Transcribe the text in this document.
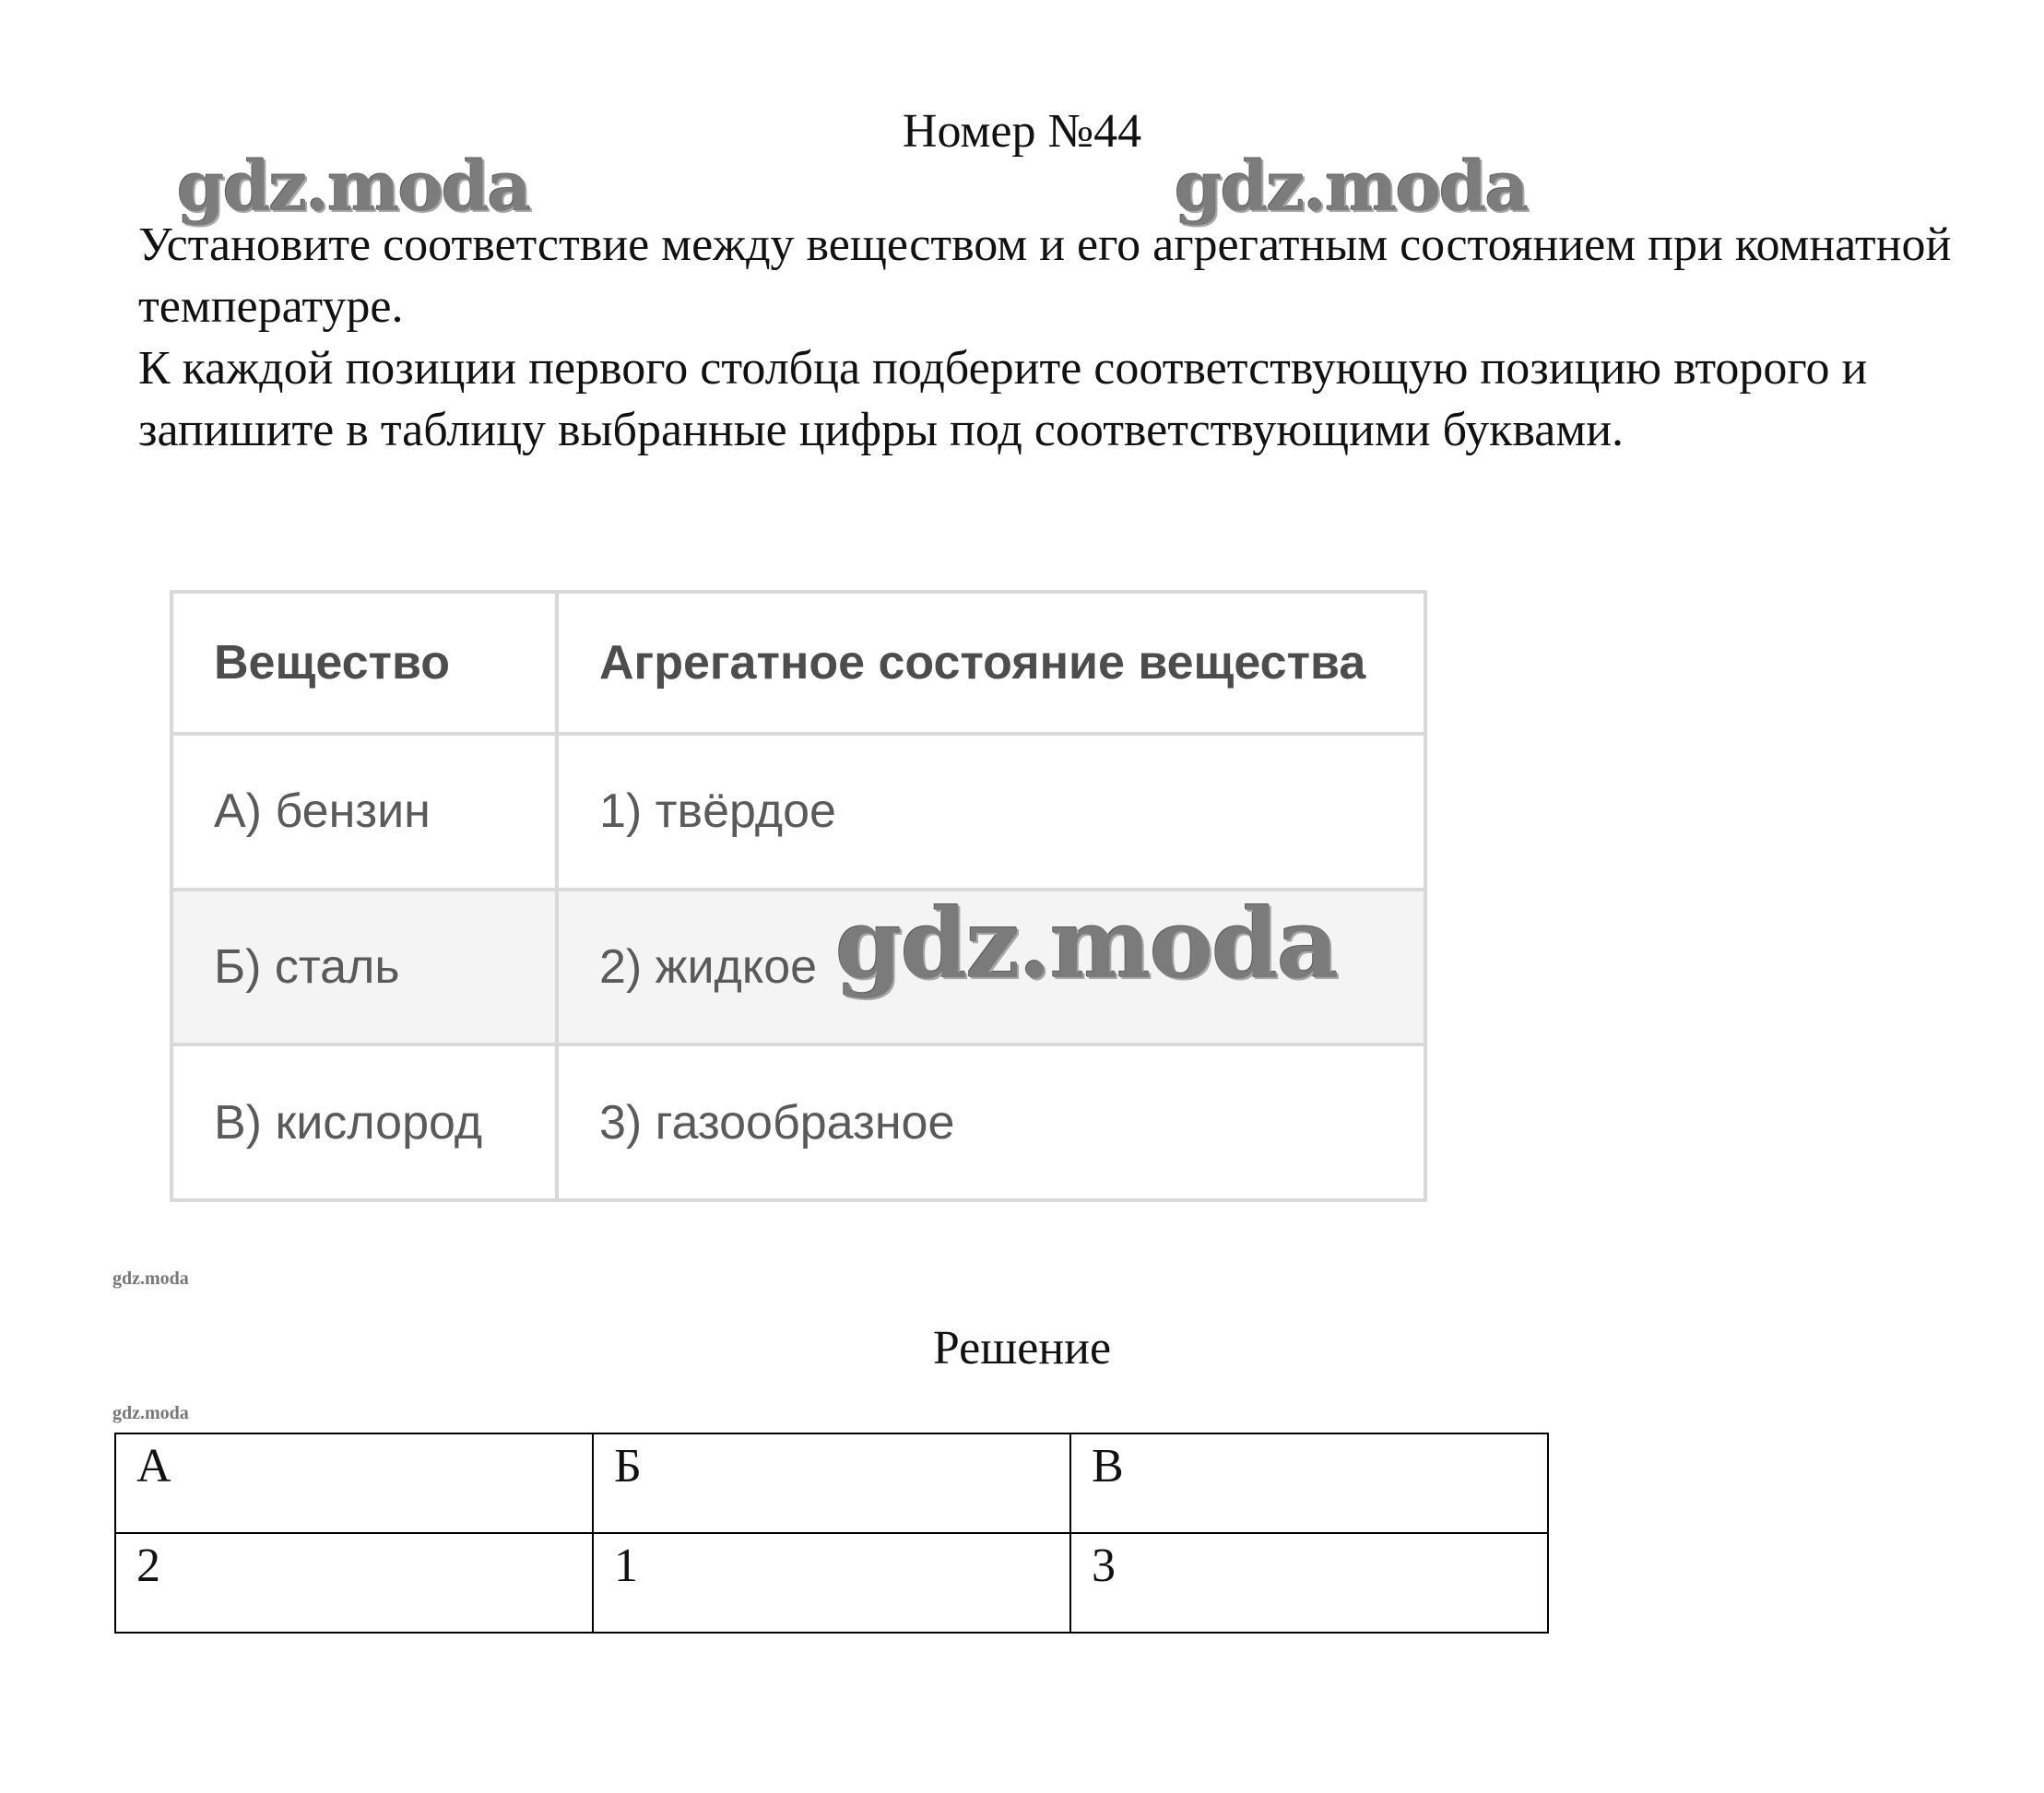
Номер №44
gdz.moda	gdz.moda

Установите соответствие между веществом и его агрегатным состоянием при комнатной температуре.

К каждой позиции первого столбца подберите соответствующую позицию второго и запишите в таблицу выбранные цифры под соответствующими буквами.

Вещество	Агрегатное состояние вещества
А) бензин	1) твёрдое
Б) сталь	2) жидкое
В) кислород	3) газообразное
gdz.moda
gdz.moda
Решение
gdz.moda
А	Б	В
2	1	3
